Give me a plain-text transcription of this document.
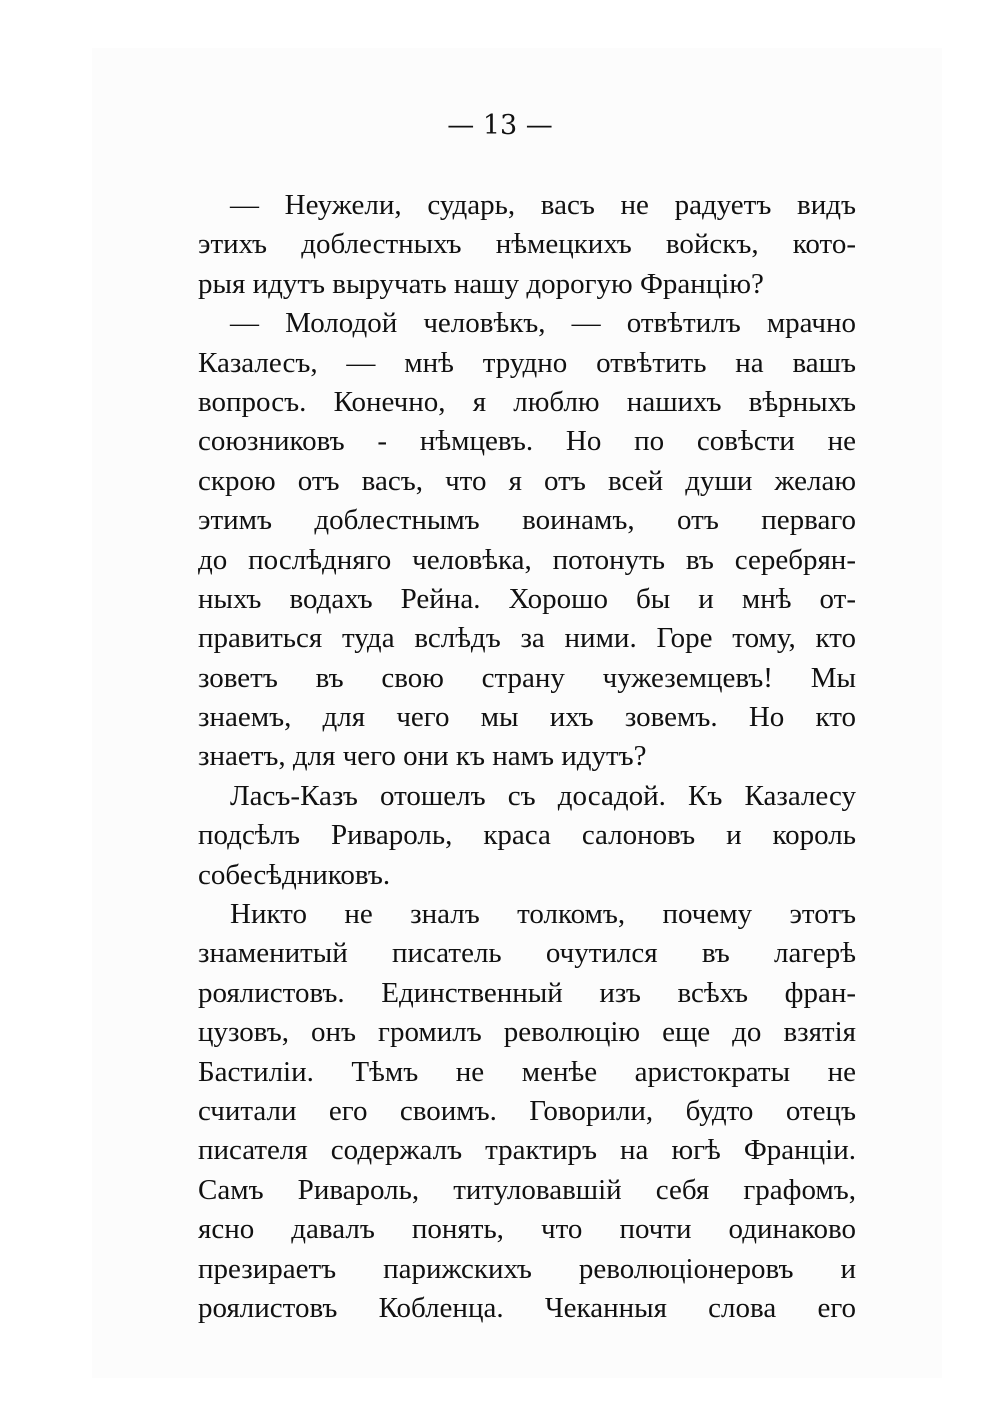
— 13 —
— Неужели, сударь, васъ не радуетъ видъ
этихъ доблестныхъ нѣмецкихъ войскъ, кото-
рыя идутъ выручать нашу дорогую Францію?
— Молодой человѣкъ, — отвѣтилъ мрачно
Казалесъ, — мнѣ трудно отвѣтить на вашъ
вопросъ. Конечно, я люблю нашихъ вѣрныхъ
союзниковъ - нѣмцевъ. Но по совѣсти не
скрою отъ васъ, что я отъ всей души желаю
этимъ доблестнымъ воинамъ, отъ перваго
до послѣдняго человѣка, потонуть въ серебрян-
ныхъ водахъ Рейна. Хорошо бы и мнѣ от-
правиться туда вслѣдъ за ними. Горе тому, кто
зоветъ въ свою страну чужеземцевъ! Мы
знаемъ, для чего мы ихъ зовемъ. Но кто
знаетъ, для чего они къ намъ идутъ?
Ласъ-Казъ отошелъ съ досадой. Къ Казалесу
подсѣлъ Ривароль, краса салоновъ и король
собесѣдниковъ.
Никто не зналъ толкомъ, почему этотъ
знаменитый писатель очутился въ лагерѣ
роялистовъ. Единственный изъ всѣхъ фран-
цузовъ, онъ громилъ революцію еще до взятія
Бастиліи. Тѣмъ не менѣе аристократы не
считали его своимъ. Говорили, будто отецъ
писателя содержалъ трактиръ на югѣ Франціи.
Самъ Ривароль, титуловавшій себя графомъ,
ясно давалъ понять, что почти одинаково
презираетъ парижскихъ революціонеровъ и
роялистовъ Кобленца. Чеканныя слова его
